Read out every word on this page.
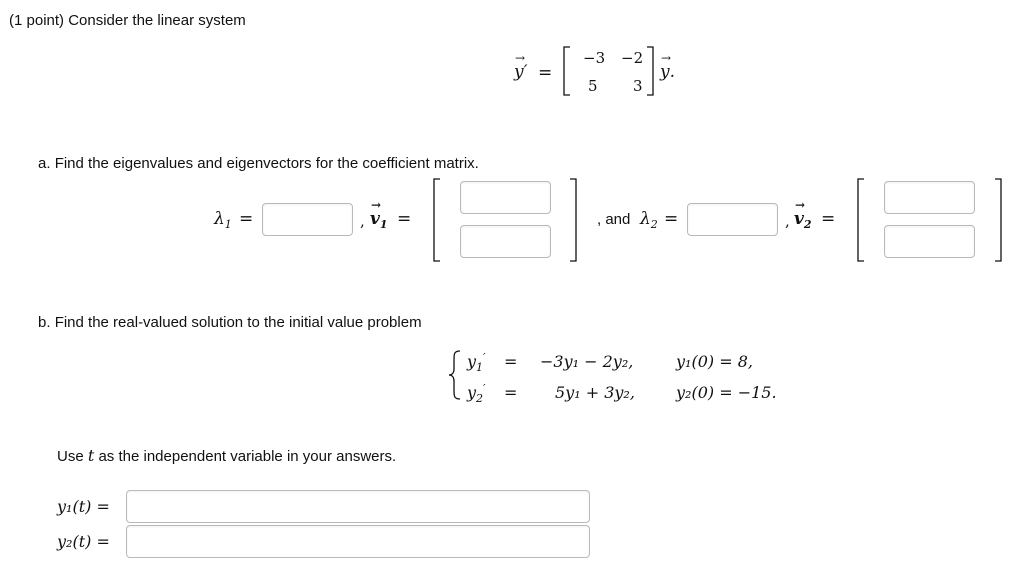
(1 point) Consider the linear system
→ y′ =
−3 −2
5 3
→ y.
a. Find the eigenvalues and eigenvectors for the coefficient matrix.
$\lambda_1$ =	, → $v_1$ =	, and $\lambda_2$ =	, → $v_2$ =
b. Find the real-valued solution to the initial value problem
$y_1' = -3y_1 - 2y_2$,	y₁(0) = 8,
$y_2' = 5y_1 + 3y_2$,	y₂(0) = −15.
Use t as the independent variable in your answers.
y₁(t) =
y₂(t) =
